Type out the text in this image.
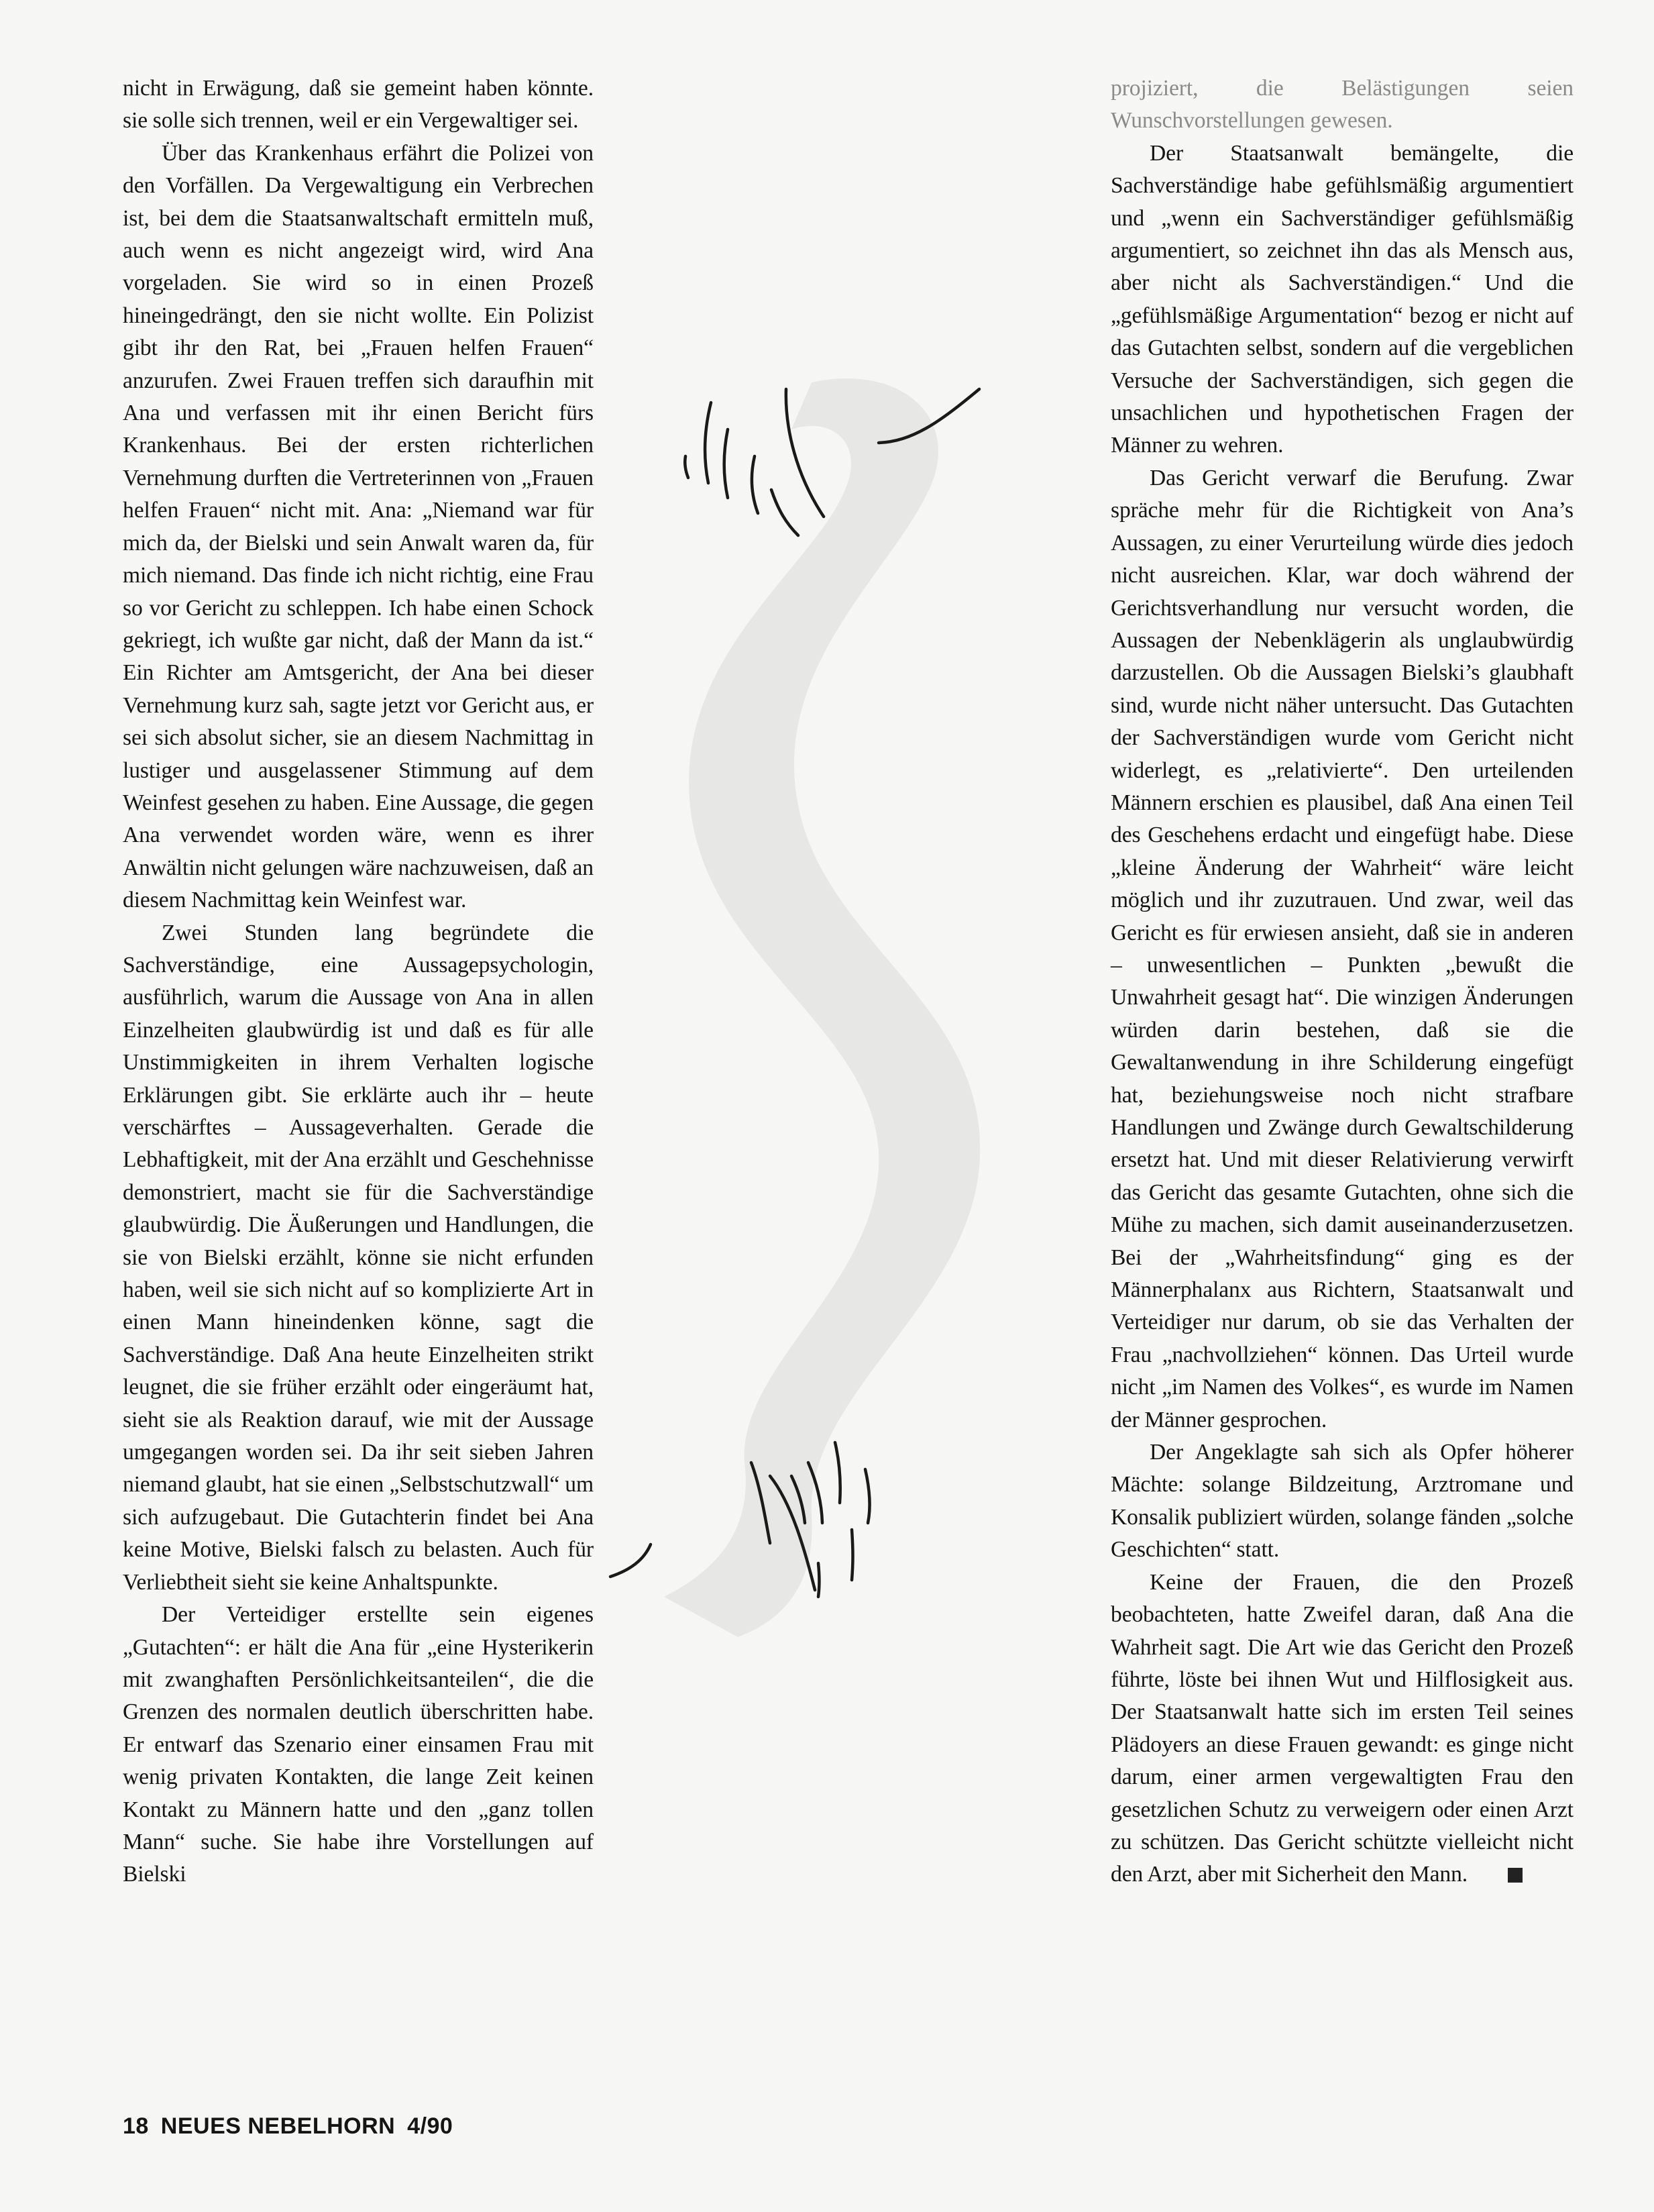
nicht in Erwägung, daß sie gemeint haben könnte. sie solle sich trennen, weil er ein Vergewaltiger sei.

Über das Krankenhaus erfährt die Polizei von den Vorfällen. Da Vergewaltigung ein Verbrechen ist, bei dem die Staatsanwaltschaft ermitteln muß, auch wenn es nicht angezeigt wird, wird Ana vorgeladen. Sie wird so in einen Prozeß hineingedrängt, den sie nicht wollte. Ein Polizist gibt ihr den Rat, bei „Frauen helfen Frauen“ anzurufen. Zwei Frauen treffen sich daraufhin mit Ana und verfassen mit ihr einen Bericht fürs Krankenhaus. Bei der ersten richterlichen Vernehmung durften die Vertreterinnen von „Frauen helfen Frauen“ nicht mit. Ana: „Niemand war für mich da, der Bielski und sein Anwalt waren da, für mich niemand. Das finde ich nicht richtig, eine Frau so vor Gericht zu schleppen. Ich habe einen Schock gekriegt, ich wußte gar nicht, daß der Mann da ist.“ Ein Richter am Amtsgericht, der Ana bei dieser Vernehmung kurz sah, sagte jetzt vor Gericht aus, er sei sich absolut sicher, sie an diesem Nachmittag in lustiger und ausgelassener Stimmung auf dem Weinfest gesehen zu haben. Eine Aussage, die gegen Ana verwendet worden wäre, wenn es ihrer Anwältin nicht gelungen wäre nachzuweisen, daß an diesem Nachmittag kein Weinfest war.

Zwei Stunden lang begründete die Sachverständige, eine Aussagepsychologin, ausführlich, warum die Aussage von Ana in allen Einzelheiten glaubwürdig ist und daß es für alle Unstimmigkeiten in ihrem Verhalten logische Erklärungen gibt. Sie erklärte auch ihr – heute verschärftes – Aussageverhalten. Gerade die Lebhaftigkeit, mit der Ana erzählt und Geschehnisse demonstriert, macht sie für die Sachverständige glaubwürdig. Die Äußerungen und Handlungen, die sie von Bielski erzählt, könne sie nicht erfunden haben, weil sie sich nicht auf so komplizierte Art in einen Mann hineindenken könne, sagt die Sachverständige. Daß Ana heute Einzelheiten strikt leugnet, die sie früher erzählt oder eingeräumt hat, sieht sie als Reaktion darauf, wie mit der Aussage umgegangen worden sei. Da ihr seit sieben Jahren niemand glaubt, hat sie einen „Selbstschutzwall“ um sich aufzugebaut. Die Gutachterin findet bei Ana keine Motive, Bielski falsch zu belasten. Auch für Verliebtheit sieht sie keine Anhaltspunkte.

Der Verteidiger erstellte sein eigenes „Gutachten“: er hält die Ana für „eine Hysterikerin mit zwanghaften Persönlichkeitsanteilen“, die die Grenzen des normalen deutlich überschritten habe. Er entwarf das Szenario einer einsamen Frau mit wenig privaten Kontakten, die lange Zeit keinen Kontakt zu Männern hatte und den „ganz tollen Mann“ suche. Sie habe ihre Vorstellungen auf Bielski

projiziert, die Belästigungen seien Wunschvorstellungen gewesen.

Der Staatsanwalt bemängelte, die Sachverständige habe gefühlsmäßig argumentiert und „wenn ein Sachverständiger gefühlsmäßig argumentiert, so zeichnet ihn das als Mensch aus, aber nicht als Sachverständigen.“ Und die „gefühlsmäßige Argumentation“ bezog er nicht auf das Gutachten selbst, sondern auf die vergeblichen Versuche der Sachverständigen, sich gegen die unsachlichen und hypothetischen Fragen der Männer zu wehren.

Das Gericht verwarf die Berufung. Zwar spräche mehr für die Richtigkeit von Ana’s Aussagen, zu einer Verurteilung würde dies jedoch nicht ausreichen. Klar, war doch während der Gerichtsverhandlung nur versucht worden, die Aussagen der Nebenklägerin als unglaubwürdig darzustellen. Ob die Aussagen Bielski’s glaubhaft sind, wurde nicht näher untersucht. Das Gutachten der Sachverständigen wurde vom Gericht nicht widerlegt, es „relativierte“. Den urteilenden Männern erschien es plausibel, daß Ana einen Teil des Geschehens erdacht und eingefügt habe. Diese „kleine Änderung der Wahrheit“ wäre leicht möglich und ihr zuzutrauen. Und zwar, weil das Gericht es für erwiesen ansieht, daß sie in anderen – unwesentlichen – Punkten „bewußt die Unwahrheit gesagt hat“. Die winzigen Änderungen würden darin bestehen, daß sie die Gewaltanwendung in ihre Schilderung eingefügt hat, beziehungsweise noch nicht strafbare Handlungen und Zwänge durch Gewaltschilderung ersetzt hat. Und mit dieser Relativierung verwirft das Gericht das gesamte Gutachten, ohne sich die Mühe zu machen, sich damit auseinanderzusetzen. Bei der „Wahrheitsfindung“ ging es der Männerphalanx aus Richtern, Staatsanwalt und Verteidiger nur darum, ob sie das Verhalten der Frau „nachvollziehen“ können. Das Urteil wurde nicht „im Namen des Volkes“, es wurde im Namen der Männer gesprochen.

Der Angeklagte sah sich als Opfer höherer Mächte: solange Bildzeitung, Arztromane und Konsalik publiziert würden, solange fänden „solche Geschichten“ statt.

Keine der Frauen, die den Prozeß beobachteten, hatte Zweifel daran, daß Ana die Wahrheit sagt. Die Art wie das Gericht den Prozeß führte, löste bei ihnen Wut und Hilflosigkeit aus. Der Staatsanwalt hatte sich im ersten Teil seines Plädoyers an diese Frauen gewandt: es ginge nicht darum, einer armen vergewaltigten Frau den gesetzlichen Schutz zu verweigern oder einen Arzt zu schützen. Das Gericht schützte vielleicht nicht den Arzt, aber mit Sicherheit den Mann.

18 NEUES NEBELHORN 4/90
